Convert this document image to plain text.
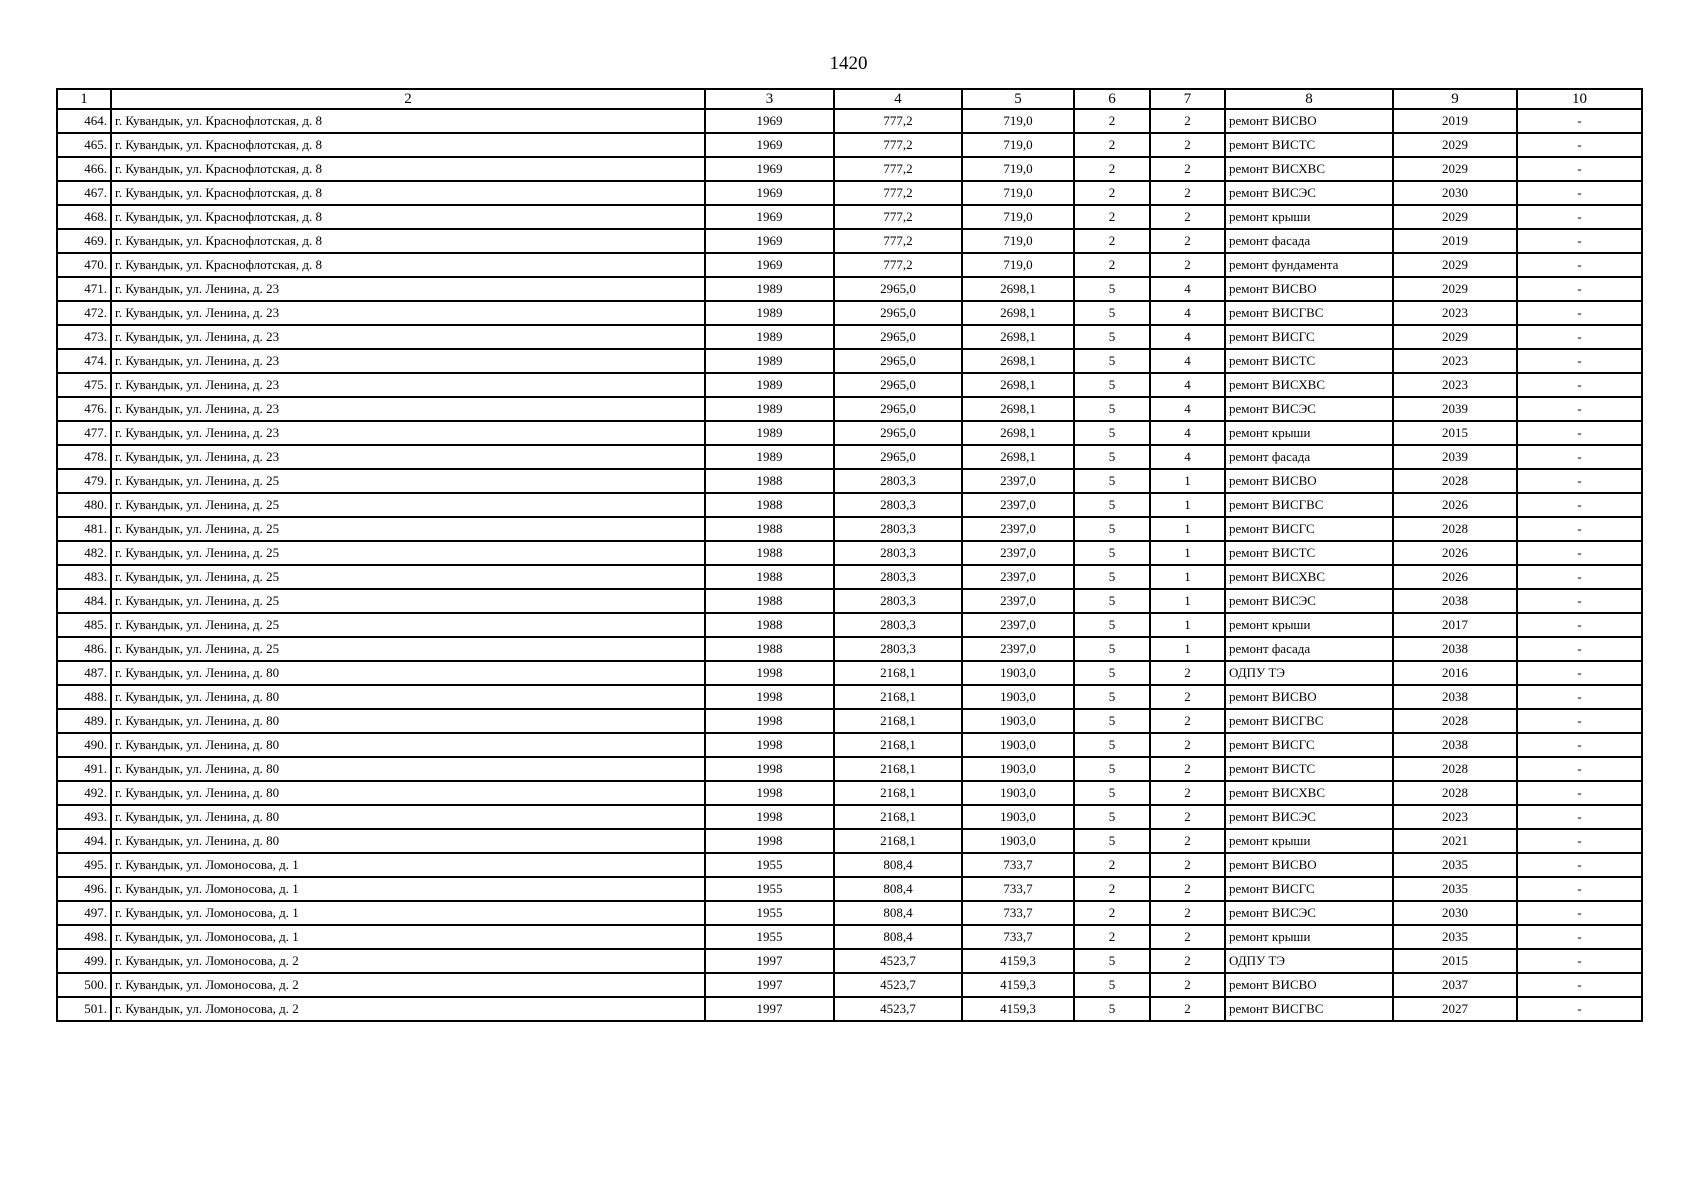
1420
1	2	3	4	5	6	7	8	9	10
464.	г. Кувандык, ул. Краснофлотская, д. 8	1969	777,2	719,0	2	2	ремонт ВИСВО	2019	-
465.	г. Кувандык, ул. Краснофлотская, д. 8	1969	777,2	719,0	2	2	ремонт ВИСТС	2029	-
466.	г. Кувандык, ул. Краснофлотская, д. 8	1969	777,2	719,0	2	2	ремонт ВИСХВС	2029	-
467.	г. Кувандык, ул. Краснофлотская, д. 8	1969	777,2	719,0	2	2	ремонт ВИСЭС	2030	-
468.	г. Кувандык, ул. Краснофлотская, д. 8	1969	777,2	719,0	2	2	ремонт крыши	2029	-
469.	г. Кувандык, ул. Краснофлотская, д. 8	1969	777,2	719,0	2	2	ремонт фасада	2019	-
470.	г. Кувандык, ул. Краснофлотская, д. 8	1969	777,2	719,0	2	2	ремонт фундамента	2029	-
471.	г. Кувандык, ул. Ленина, д. 23	1989	2965,0	2698,1	5	4	ремонт ВИСВО	2029	-
472.	г. Кувандык, ул. Ленина, д. 23	1989	2965,0	2698,1	5	4	ремонт ВИСГВС	2023	-
473.	г. Кувандык, ул. Ленина, д. 23	1989	2965,0	2698,1	5	4	ремонт ВИСГС	2029	-
474.	г. Кувандык, ул. Ленина, д. 23	1989	2965,0	2698,1	5	4	ремонт ВИСТС	2023	-
475.	г. Кувандык, ул. Ленина, д. 23	1989	2965,0	2698,1	5	4	ремонт ВИСХВС	2023	-
476.	г. Кувандык, ул. Ленина, д. 23	1989	2965,0	2698,1	5	4	ремонт ВИСЭС	2039	-
477.	г. Кувандык, ул. Ленина, д. 23	1989	2965,0	2698,1	5	4	ремонт крыши	2015	-
478.	г. Кувандык, ул. Ленина, д. 23	1989	2965,0	2698,1	5	4	ремонт фасада	2039	-
479.	г. Кувандык, ул. Ленина, д. 25	1988	2803,3	2397,0	5	1	ремонт ВИСВО	2028	-
480.	г. Кувандык, ул. Ленина, д. 25	1988	2803,3	2397,0	5	1	ремонт ВИСГВС	2026	-
481.	г. Кувандык, ул. Ленина, д. 25	1988	2803,3	2397,0	5	1	ремонт ВИСГС	2028	-
482.	г. Кувандык, ул. Ленина, д. 25	1988	2803,3	2397,0	5	1	ремонт ВИСТС	2026	-
483.	г. Кувандык, ул. Ленина, д. 25	1988	2803,3	2397,0	5	1	ремонт ВИСХВС	2026	-
484.	г. Кувандык, ул. Ленина, д. 25	1988	2803,3	2397,0	5	1	ремонт ВИСЭС	2038	-
485.	г. Кувандык, ул. Ленина, д. 25	1988	2803,3	2397,0	5	1	ремонт крыши	2017	-
486.	г. Кувандык, ул. Ленина, д. 25	1988	2803,3	2397,0	5	1	ремонт фасада	2038	-
487.	г. Кувандык, ул. Ленина, д. 80	1998	2168,1	1903,0	5	2	ОДПУ ТЭ	2016	-
488.	г. Кувандык, ул. Ленина, д. 80	1998	2168,1	1903,0	5	2	ремонт ВИСВО	2038	-
489.	г. Кувандык, ул. Ленина, д. 80	1998	2168,1	1903,0	5	2	ремонт ВИСГВС	2028	-
490.	г. Кувандык, ул. Ленина, д. 80	1998	2168,1	1903,0	5	2	ремонт ВИСГС	2038	-
491.	г. Кувандык, ул. Ленина, д. 80	1998	2168,1	1903,0	5	2	ремонт ВИСТС	2028	-
492.	г. Кувандык, ул. Ленина, д. 80	1998	2168,1	1903,0	5	2	ремонт ВИСХВС	2028	-
493.	г. Кувандык, ул. Ленина, д. 80	1998	2168,1	1903,0	5	2	ремонт ВИСЭС	2023	-
494.	г. Кувандык, ул. Ленина, д. 80	1998	2168,1	1903,0	5	2	ремонт крыши	2021	-
495.	г. Кувандык, ул. Ломоносова, д. 1	1955	808,4	733,7	2	2	ремонт ВИСВО	2035	-
496.	г. Кувандык, ул. Ломоносова, д. 1	1955	808,4	733,7	2	2	ремонт ВИСГС	2035	-
497.	г. Кувандык, ул. Ломоносова, д. 1	1955	808,4	733,7	2	2	ремонт ВИСЭС	2030	-
498.	г. Кувандык, ул. Ломоносова, д. 1	1955	808,4	733,7	2	2	ремонт крыши	2035	-
499.	г. Кувандык, ул. Ломоносова, д. 2	1997	4523,7	4159,3	5	2	ОДПУ ТЭ	2015	-
500.	г. Кувандык, ул. Ломоносова, д. 2	1997	4523,7	4159,3	5	2	ремонт ВИСВО	2037	-
501.	г. Кувандык, ул. Ломоносова, д. 2	1997	4523,7	4159,3	5	2	ремонт ВИСГВС	2027	-
